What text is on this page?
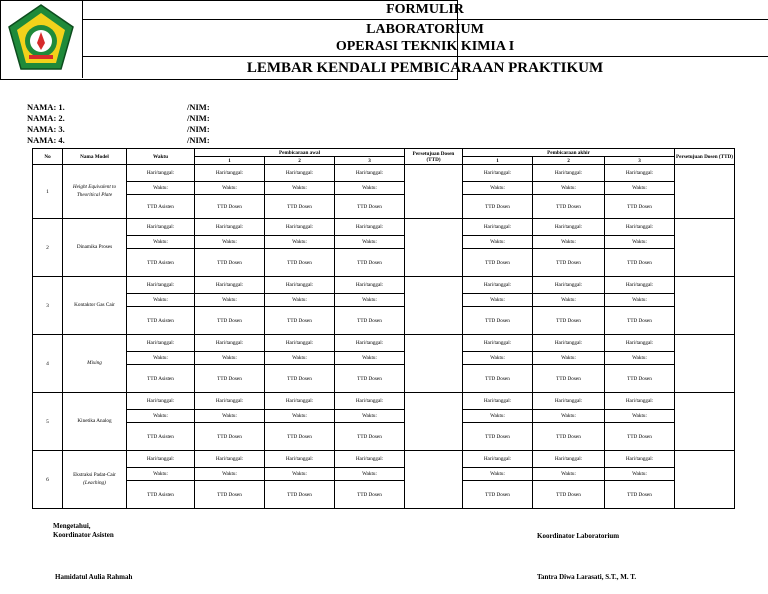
FORMULIR
LABORATORIUM
OPERASI TEKNIK KIMIA I
LEMBAR KENDALI PEMBICARAAN PRAKTIKUM
NAMA: 1.	/NIM:
NAMA: 2.	/NIM:
NAMA: 3.	/NIM:
NAMA: 4.	/NIM:
No	Nama Model	Waktu	Pembicaraan awal			Persetujuan Dosen (TTD)	Pembicaraan akhir			Persetujuan Dosen (TTD)
			1	2	3		1	2	3	
1	Height Equivalent to Theoritical Plate	Hari/tanggal:	Hari/tanggal:	Hari/tanggal:	Hari/tanggal:		Hari/tanggal:	Hari/tanggal:	Hari/tanggal:	
		Waktu:	Waktu:	Waktu:	Waktu:		Waktu:	Waktu:	Waktu:	
		TTD Asisten	TTD Dosen	TTD Dosen	TTD Dosen		TTD Dosen	TTD Dosen	TTD Dosen	
2	Dinamika Proses	Hari/tanggal:	Hari/tanggal:	Hari/tanggal:	Hari/tanggal:		Hari/tanggal:	Hari/tanggal:	Hari/tanggal:	
		Waktu:	Waktu:	Waktu:	Waktu:		Waktu:	Waktu:	Waktu:	
		TTD Asisten	TTD Dosen	TTD Dosen	TTD Dosen		TTD Dosen	TTD Dosen	TTD Dosen	
3	Kontaktor Gas Cair	Hari/tanggal:	Hari/tanggal:	Hari/tanggal:	Hari/tanggal:		Hari/tanggal:	Hari/tanggal:	Hari/tanggal:	
		Waktu:	Waktu:	Waktu:	Waktu:		Waktu:	Waktu:	Waktu:	
		TTD Asisten	TTD Dosen	TTD Dosen	TTD Dosen		TTD Dosen	TTD Dosen	TTD Dosen	
4	Mixing	Hari/tanggal:	Hari/tanggal:	Hari/tanggal:	Hari/tanggal:		Hari/tanggal:	Hari/tanggal:	Hari/tanggal:	
		Waktu:	Waktu:	Waktu:	Waktu:		Waktu:	Waktu:	Waktu:	
		TTD Asisten	TTD Dosen	TTD Dosen	TTD Dosen		TTD Dosen	TTD Dosen	TTD Dosen	
5	Kinetika Analog	Hari/tanggal:	Hari/tanggal:	Hari/tanggal:	Hari/tanggal:		Hari/tanggal:	Hari/tanggal:	Hari/tanggal:	
		Waktu:	Waktu:	Waktu:	Waktu:		Waktu:	Waktu:	Waktu:	
		TTD Asisten	TTD Dosen	TTD Dosen	TTD Dosen		TTD Dosen	TTD Dosen	TTD Dosen	
6	Ekstraksi Padat-Cair
(Leaching)	Hari/tanggal:	Hari/tanggal:	Hari/tanggal:	Hari/tanggal:		Hari/tanggal:	Hari/tanggal:	Hari/tanggal:	
		Waktu:	Waktu:	Waktu:	Waktu:		Waktu:	Waktu:	Waktu:	
		TTD Asisten	TTD Dosen	TTD Dosen	TTD Dosen		TTD Dosen	TTD Dosen	TTD Dosen	
Mengetahui,
Koordinator Asisten
Hamidatul Aulia Rahmah
Koordinator Laboratorium
Tantra Diwa Larasati, S.T., M. T.
